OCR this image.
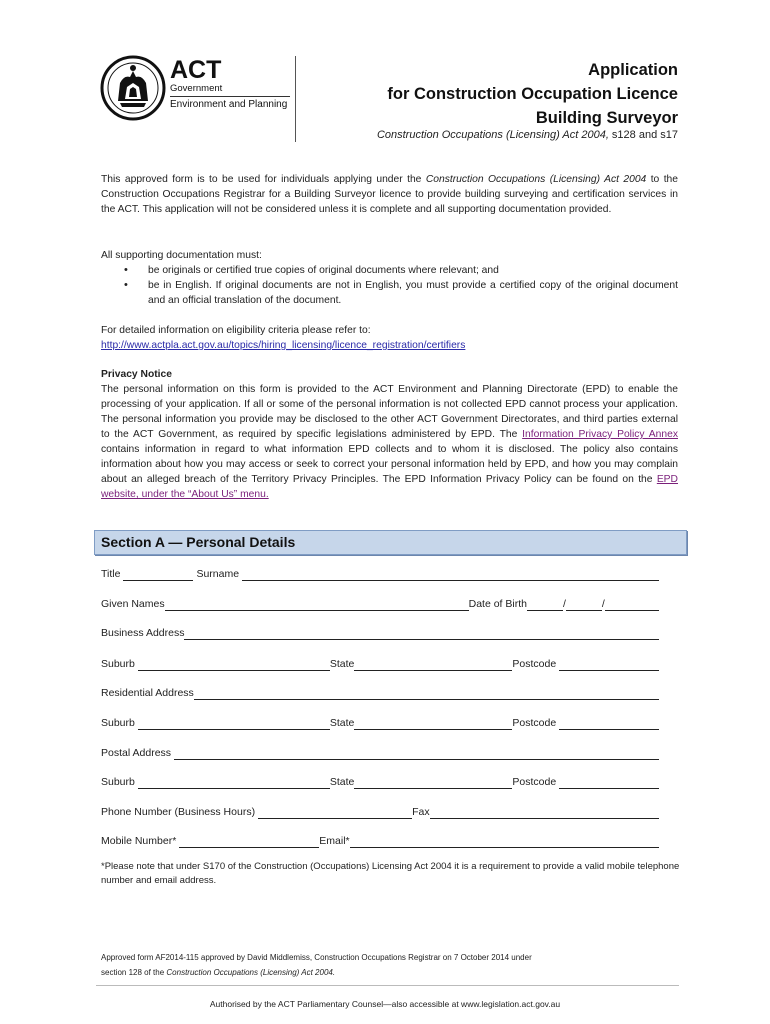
ACT
Government
Environment and Planning
Application
for Construction Occupation Licence
Building Surveyor
Construction Occupations (Licensing) Act 2004, s128 and s17
This approved form is to be used for individuals applying under the Construction Occupations (Licensing) Act 2004 to the Construction Occupations Registrar for a Building Surveyor licence to provide building surveying and certification services in the ACT. This application will not be considered unless it is complete and all supporting documentation provided.
All supporting documentation must:
• be originals or certified true copies of original documents where relevant; and
• be in English. If original documents are not in English, you must provide a certified copy of the original document and an official translation of the document.
For detailed information on eligibility criteria please refer to:
http://www.actpla.act.gov.au/topics/hiring_licensing/licence_registration/certifiers
Privacy Notice
The personal information on this form is provided to the ACT Environment and Planning Directorate (EPD) to enable the processing of your application. If all or some of the personal information is not collected EPD cannot process your application. The personal information you provide may be disclosed to the other ACT Government Directorates, and third parties external to the ACT Government, as required by specific legislations administered by EPD. The Information Privacy Policy Annex contains information in regard to what information EPD collects and to whom it is disclosed. The policy also contains information about how you may access or seek to correct your personal information held by EPD, and how you may complain about an alleged breach of the Territory Privacy Principles. The EPD Information Privacy Policy can be found on the EPD website, under the “About Us” menu.
Section A — Personal Details
Title	Surname
Given Names	Date of Birth	/	/
Business Address
Suburb	State	Postcode
Residential Address
Suburb	State	Postcode
Postal Address
Suburb	State	Postcode
Phone Number (Business Hours)	Fax
Mobile Number*	Email*
*Please note that under S170 of the Construction (Occupations) Licensing Act 2004 it is a requirement to provide a valid mobile telephone number and email address.
Approved form AF2014-115 approved by David Middlemiss, Construction Occupations Registrar on 7 October 2014 under
section 128 of the Construction Occupations (Licensing) Act 2004.
Authorised by the ACT Parliamentary Counsel—also accessible at www.legislation.act.gov.au
